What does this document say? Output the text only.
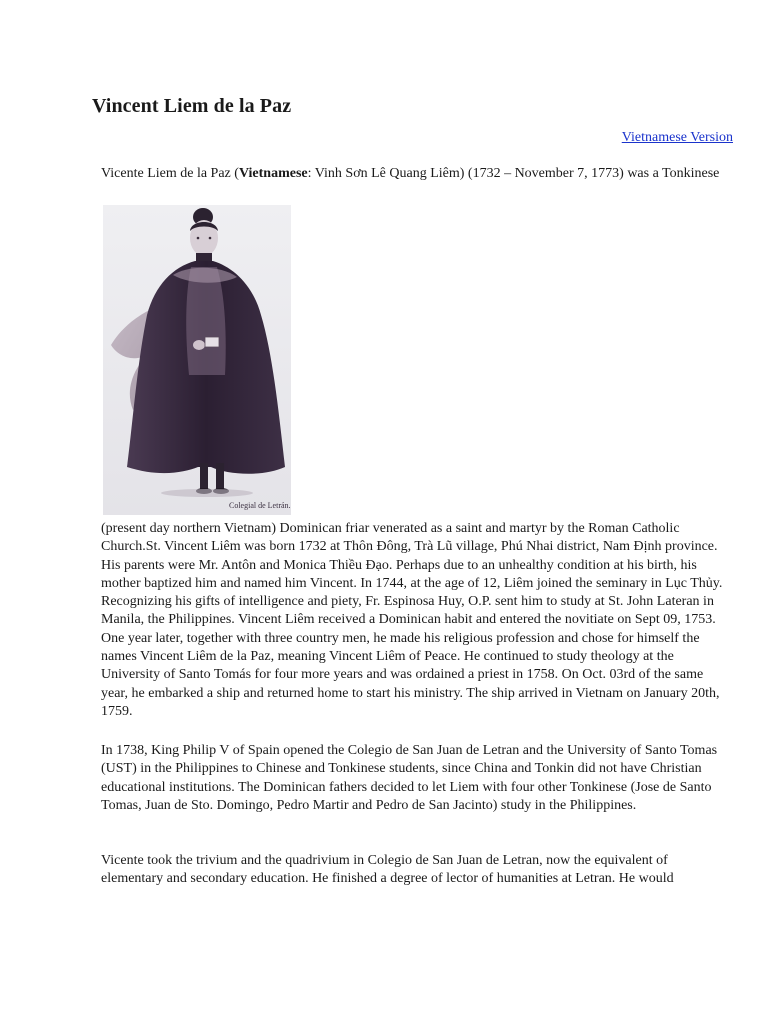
Vincent Liem de la Paz
Vietnamese Version

Vicente Liem de la Paz (Vietnamese: Vinh Sơn Lê Quang Liêm) (1732 – November 7, 1773) was a Tonkinese

Colegial de Letrán.

(present day northern Vietnam) Dominican friar venerated as a saint and martyr by the Roman Catholic Church.St. Vincent Liêm was born 1732 at Thôn Đông, Trà Lũ village, Phú Nhai district, Nam Định province. His parents were Mr. Antôn and Monica Thiều Đạo. Perhaps due to an unhealthy condition at his birth, his mother baptized him and named him Vincent. In 1744, at the age of 12, Liêm joined the seminary in Lục Thủy. Recognizing his gifts of intelligence and piety, Fr. Espinosa Huy, O.P. sent him to study at St. John Lateran in Manila, the Philippines. Vincent Liêm received a Dominican habit and entered the novitiate on Sept 09, 1753. One year later, together with three country men, he made his religious profession and chose for himself the names Vincent Liêm de la Paz, meaning Vincent Liêm of Peace. He continued to study theology at the University of Santo Tomás for four more years and was ordained a priest in 1758. On Oct. 03rd of the same year, he embarked a ship and returned home to start his ministry. The ship arrived in Vietnam on January 20th, 1759.

In 1738, King Philip V of Spain opened the Colegio de San Juan de Letran and the University of Santo Tomas (UST) in the Philippines to Chinese and Tonkinese students, since China and Tonkin did not have Christian educational institutions. The Dominican fathers decided to let Liem with four other Tonkinese (Jose de Santo Tomas, Juan de Sto. Domingo, Pedro Martir and Pedro de San Jacinto) study in the Philippines.

Vicente took the trivium and the quadrivium in Colegio de San Juan de Letran, now the equivalent of elementary and secondary education. He finished a degree of lector of humanities at Letran. He would
